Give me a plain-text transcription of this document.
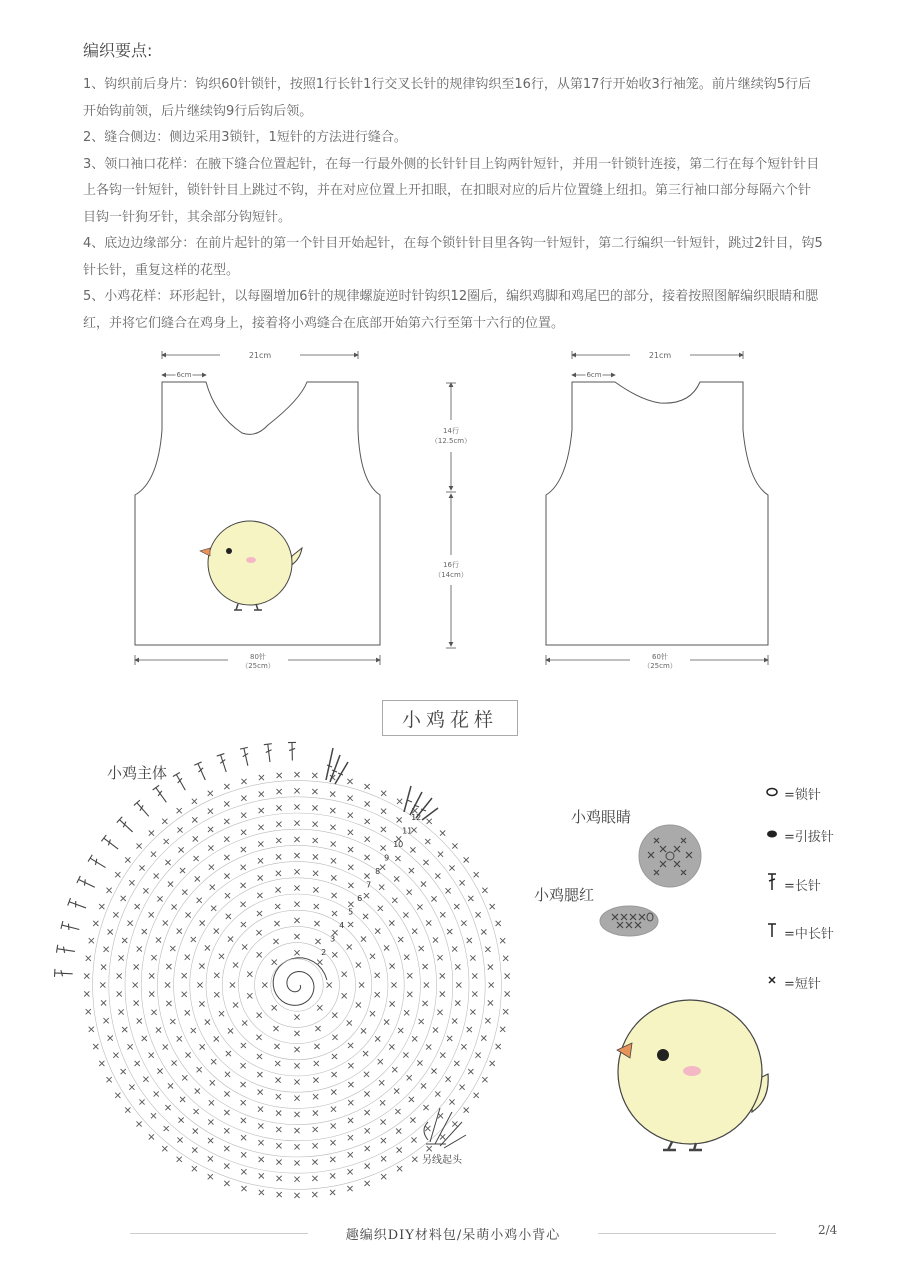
编织要点:

1、钩织前后身片：钩织60针锁针，按照1行长针1行交叉长针的规律钩织至16行，从第17行开始收3行袖笼。前片继续钩5行后开始钩前领，后片继续钩9行后钩后领。

2、缝合侧边：侧边采用3锁针，1短针的方法进行缝合。

3、领口袖口花样：在腋下缝合位置起针，在每一行最外侧的长针针目上钩两针短针，并用一针锁针连接，第二行在每个短针针目上各钩一针短针，锁针针目上跳过不钩，并在对应位置上开扣眼，在扣眼对应的后片位置缝上纽扣。第三行袖口部分每隔六个针目钩一针狗牙针，其余部分钩短针。

4、底边边缘部分：在前片起针的第一个针目开始起针，在每个锁针针目里各钩一针短针，第二行编织一针短针，跳过2针目，钩5针长针，重复这样的花型。

5、小鸡花样：环形起针，以每圈增加6针的规律螺旋逆时针钩织12圈后，编织鸡脚和鸡尾巴的部分，接着按照图解编织眼睛和腮红，并将它们缝合在鸡身上，接着将小鸡缝合在底部开始第六行至第十六行的位置。

21cm
6cm
80针
（25cm）
14行
（12.5cm）
16行
（14cm）
21cm
6cm
60针
（25cm）
小鸡花样
小鸡主体
小鸡眼睛
小鸡腮红
2
3
4
5
6
7
8
9
10
11
12
另线起头
=锁针
=引拔针
=长针
=中长针
=短针
趣编织DIY材料包/呆萌小鸡小背心	2/4
